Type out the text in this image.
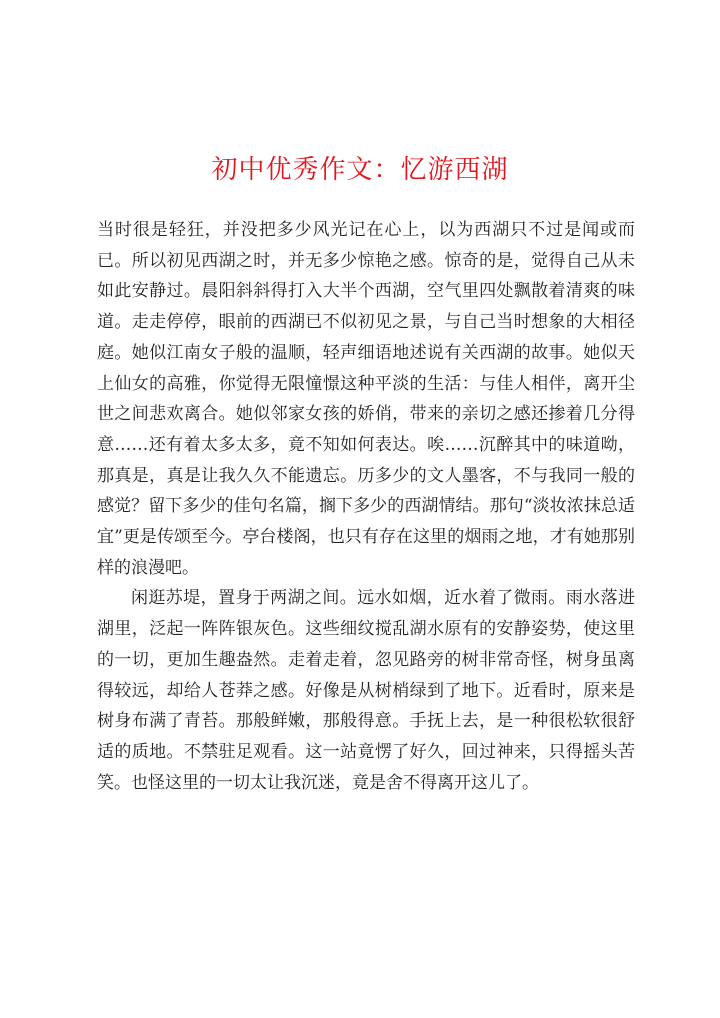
初中优秀作文：忆游西湖

当时很是轻狂，并没把多少风光记在心上，以为西湖只不过是闻或而已。所以初见西湖之时，并无多少惊艳之感。惊奇的是，觉得自己从未如此安静过。晨阳斜斜得打入大半个西湖，空气里四处飘散着清爽的味道。走走停停，眼前的西湖已不似初见之景，与自己当时想象的大相径庭。她似江南女子般的温顺，轻声细语地述说有关西湖的故事。她似天上仙女的高雅，你觉得无限憧憬这种平淡的生活：与佳人相伴，离开尘世之间悲欢离合。她似邻家女孩的娇俏，带来的亲切之感还掺着几分得意……还有着太多太多，竟不知如何表达。唉……沉醉其中的味道呦，那真是，真是让我久久不能遗忘。历多少的文人墨客，不与我同一般的感觉？留下多少的佳句名篇，搁下多少的西湖情结。那句“淡妆浓抹总适宜”更是传颂至今。亭台楼阁，也只有存在这里的烟雨之地，才有她那别样的浪漫吧。

闲逛苏堤，置身于两湖之间。远水如烟，近水着了微雨。雨水落进湖里，泛起一阵阵银灰色。这些细纹搅乱湖水原有的安静姿势，使这里的一切，更加生趣盎然。走着走着，忽见路旁的树非常奇怪，树身虽离得较远，却给人苍莽之感。好像是从树梢绿到了地下。近看时，原来是树身布满了青苔。那般鲜嫩，那般得意。手抚上去，是一种很松软很舒适的质地。不禁驻足观看。这一站竟愣了好久，回过神来，只得摇头苦笑。也怪这里的一切太让我沉迷，竟是舍不得离开这儿了。
